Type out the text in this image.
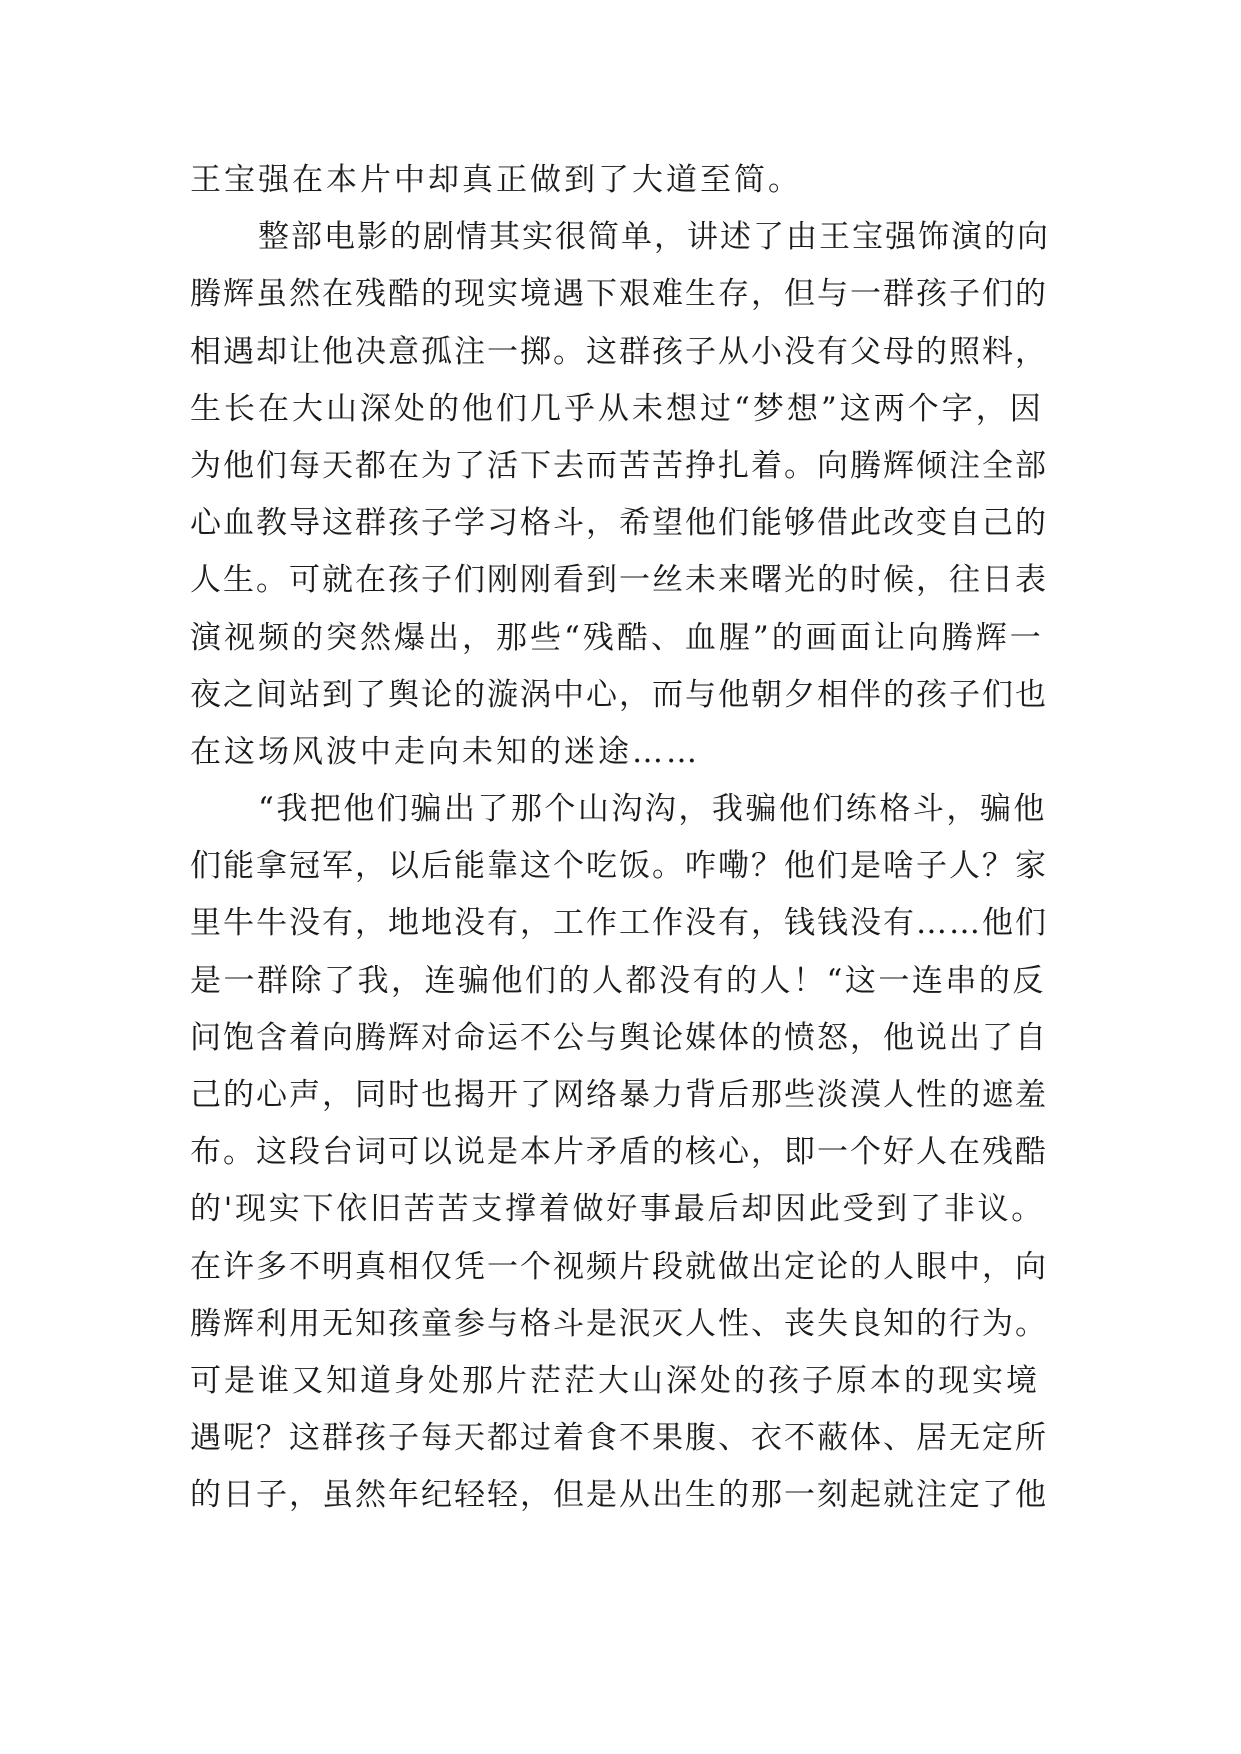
王宝强在本片中却真正做到了大道至简。
整部电影的剧情其实很简单，讲述了由王宝强饰演的向
腾辉虽然在残酷的现实境遇下艰难生存，但与一群孩子们的
相遇却让他决意孤注一掷。这群孩子从小没有父母的照料，
生长在大山深处的他们几乎从未想过“梦想”这两个字，因
为他们每天都在为了活下去而苦苦挣扎着。向腾辉倾注全部
心血教导这群孩子学习格斗，希望他们能够借此改变自己的
人生。可就在孩子们刚刚看到一丝未来曙光的时候，往日表
演视频的突然爆出，那些“残酷、血腥”的画面让向腾辉一
夜之间站到了舆论的漩涡中心，而与他朝夕相伴的孩子们也
在这场风波中走向未知的迷途……
“我把他们骗出了那个山沟沟，我骗他们练格斗，骗他
们能拿冠军，以后能靠这个吃饭。咋嘞？他们是啥子人？家
里牛牛没有，地地没有，工作工作没有，钱钱没有……他们
是一群除了我，连骗他们的人都没有的人！“这一连串的反
问饱含着向腾辉对命运不公与舆论媒体的愤怒，他说出了自
己的心声，同时也揭开了网络暴力背后那些淡漠人性的遮羞
布。这段台词可以说是本片矛盾的核心，即一个好人在残酷
的'现实下依旧苦苦支撑着做好事最后却因此受到了非议。
在许多不明真相仅凭一个视频片段就做出定论的人眼中，向
腾辉利用无知孩童参与格斗是泯灭人性、丧失良知的行为。
可是谁又知道身处那片茫茫大山深处的孩子原本的现实境
遇呢？这群孩子每天都过着食不果腹、衣不蔽体、居无定所
的日子，虽然年纪轻轻，但是从出生的那一刻起就注定了他
